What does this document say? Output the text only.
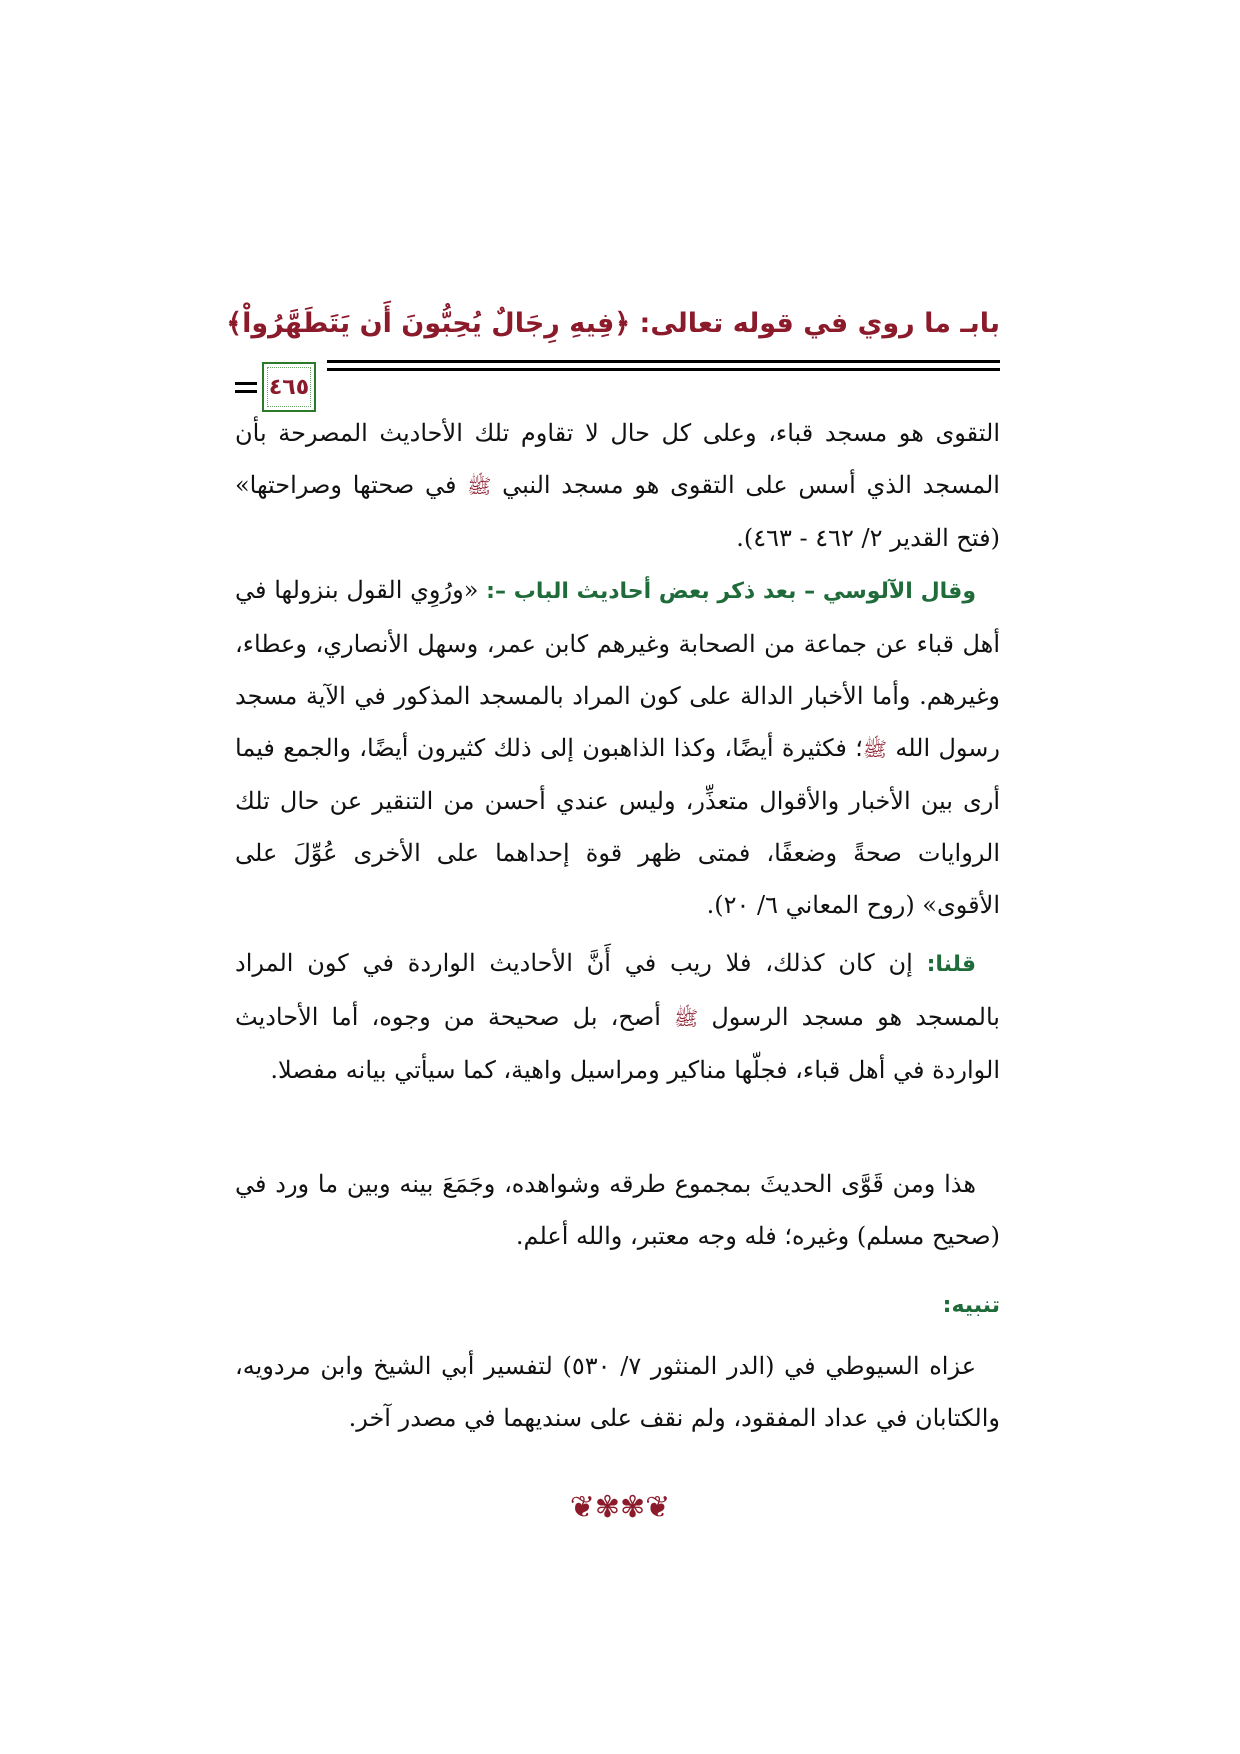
بابـ ما روي في قوله تعالى: ﴿فِيهِ رِجَالٌ يُحِبُّونَ أَن يَتَطَهَّرُواْ﴾
٤٦٥

التقوى هو مسجد قباء، وعلى كل حال لا تقاوم تلك الأحاديث المصرحة بأن المسجد الذي أسس على التقوى هو مسجد النبي ﷺ في صحتها وصراحتها» (فتح القدير ٢/ ٤٦٢ - ٤٦٣).

وقال الآلوسي – بعد ذكر بعض أحاديث الباب –: «ورُوِي القول بنزولها في أهل قباء عن جماعة من الصحابة وغيرهم كابن عمر، وسهل الأنصاري، وعطاء، وغيرهم. وأما الأخبار الدالة على كون المراد بالمسجد المذكور في الآية مسجد رسول الله ﷺ؛ فكثيرة أيضًا، وكذا الذاهبون إلى ذلك كثيرون أيضًا، والجمع فيما أرى بين الأخبار والأقوال متعذِّر، وليس عندي أحسن من التنقير عن حال تلك الروايات صحةً وضعفًا، فمتى ظهر قوة إحداهما على الأخرى عُوِّلَ على الأقوى» (روح المعاني ٦/ ٢٠).

قلنا: إن كان كذلك، فلا ريب في أَنَّ الأحاديث الواردة في كون المراد بالمسجد هو مسجد الرسول ﷺ أصح، بل صحيحة من وجوه، أما الأحاديث الواردة في أهل قباء، فجلّها مناكير ومراسيل واهية، كما سيأتي بيانه مفصلا.

هذا ومن قَوَّى الحديثَ بمجموع طرقه وشواهده، وجَمَعَ بينه وبين ما ورد في (صحيح مسلم) وغيره؛ فله وجه معتبر، والله أعلم.

تنبيه:

عزاه السيوطي في (الدر المنثور ٧/ ٥٣٠) لتفسير أبي الشيخ وابن مردويه، والكتابان في عداد المفقود، ولم نقف على سنديهما في مصدر آخر.

❦✾✾❦
